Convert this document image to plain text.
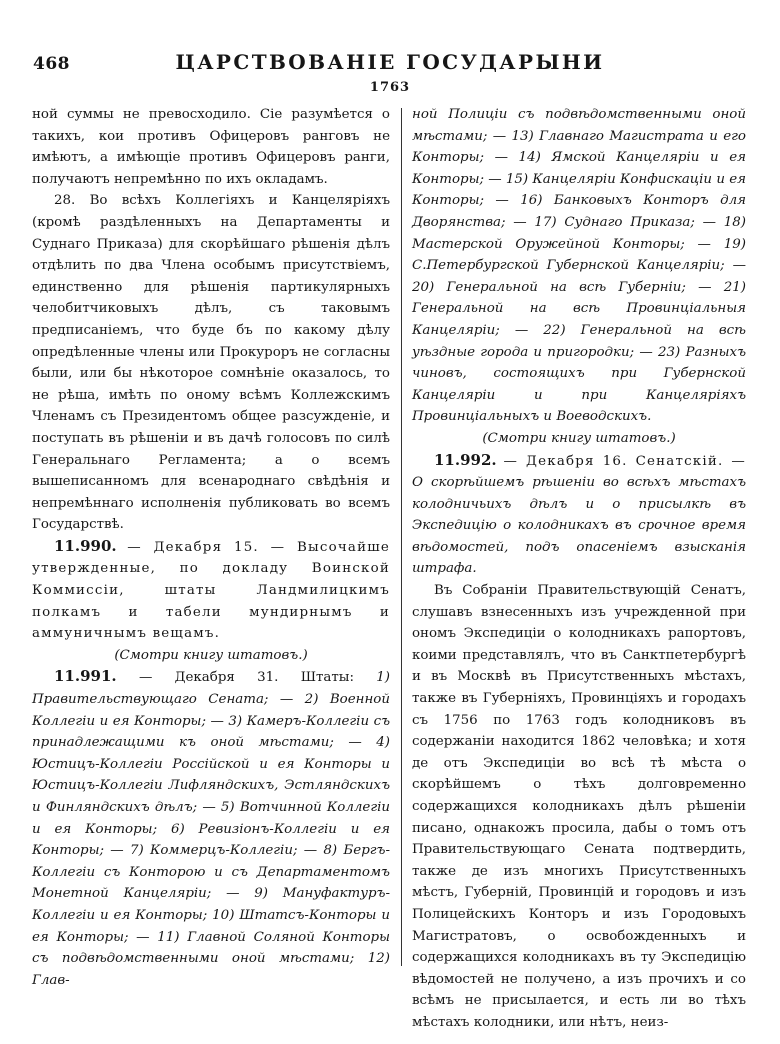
468	ЦАРСТВОВАНІЕ ГОСУДАРЫНИ
1763

ной суммы не превосходило. Сіе разумѣется о такихъ, кои противъ Офицеровъ ранговъ не имѣютъ, а имѣющіе противъ Офицеровъ ранги, получаютъ непремѣнно по ихъ окладамъ.

28. Во всѣхъ Коллегіяхъ и Канцеляріяхъ (кромѣ раздѣленныхъ на Департаменты и Суднаго Приказа) для скорѣйшаго рѣшенія дѣлъ отдѣлить по два Члена особымъ присутствіемъ, единственно для рѣшенія партикулярныхъ челобитчиковыхъ дѣлъ, съ таковымъ предписаніемъ, что буде бъ по какому дѣлу опредѣленные члены или Прокуроръ не согласны были, или бы нѣкоторое сомнѣніе оказалось, то не рѣша, имѣть по оному всѣмъ Коллежскимъ Членамъ съ Президентомъ общее разсужденіе, и поступать въ рѣшеніи и въ дачѣ голосовъ по силѣ Генеральнаго Регламента; а о всемъ вышеписанномъ для всенароднаго свѣдѣнія и непремѣннаго исполненія публиковать во всемъ Государствѣ.

11.990. — Декабря 15. — Высочайше утвержденные, по докладу Воинской Коммиссіи, штаты Ландмилицкимъ полкамъ и табели мундирнымъ и аммуничнымъ вещамъ.

(Смотри книгу штатовъ.)

11.991. — Декабря 31. Штаты: 1) Правительствующаго Сената; — 2) Военной Коллегіи и ея Конторы; — 3) Камеръ-Коллегіи съ принадлежащими къ оной мѣстами; — 4) Юстицъ-Коллегіи Россійской и ея Конторы и Юстицъ-Коллегіи Лифляндскихъ, Эстляндскихъ и Финляндскихъ дѣлъ; — 5) Вотчинной Коллегіи и ея Конторы; 6) Ревизіонъ-Коллегіи и ея Конторы; — 7) Коммерцъ-Коллегіи; — 8) Бергъ-Коллегіи съ Конторою и съ Департаментомъ Монетной Канцеляріи; — 9) Мануфактуръ-Коллегіи и ея Конторы; 10) Штатсъ-Конторы и ея Конторы; — 11) Главной Соляной Конторы съ подвѣдомственными оной мѣстами; 12) Глав-

ной Полиціи съ подвѣдомственными оной мѣстами; — 13) Главнаго Магистрата и его Конторы; — 14) Ямской Канцеляріи и ея Конторы; — 15) Канцеляріи Конфискаціи и ея Конторы; — 16) Банковыхъ Конторъ для Дворянства; — 17) Суднаго Приказа; — 18) Мастерской Оружейной Конторы; — 19) С.Петербургской Губернской Канцеляріи; — 20) Генеральной на всѣ Губерніи; — 21) Генеральной на всѣ Провинціальныя Канцеляріи; — 22) Генеральной на всѣ уѣздные города и пригородки; — 23) Разныхъ чиновъ, состоящихъ при Губернской Канцеляріи и при Канцеляріяхъ Провинціальныхъ и Воеводскихъ.

(Смотри книгу штатовъ.)

11.992. — Декабря 16. Сенатскій. — О скорѣйшемъ рѣшеніи во всѣхъ мѣстахъ колодничьихъ дѣлъ и о присылкѣ въ Экспедицію о колодникахъ въ срочное время вѣдомостей, подъ опасеніемъ взысканія штрафа.

Въ Собраніи Правительствующій Сенатъ, слушавъ взнесенныхъ изъ учрежденной при ономъ Экспедиціи о колодникахъ рапортовъ, коими представлялъ, что въ Санктпетербургѣ и въ Москвѣ въ Присутственныхъ мѣстахъ, также въ Губерніяхъ, Провинціяхъ и городахъ съ 1756 по 1763 годъ колодниковъ въ содержаніи находится 1862 человѣка; и хотя де отъ Экспедиціи во всѣ тѣ мѣста о скорѣйшемъ о тѣхъ долговременно содержащихся колодникахъ дѣлъ рѣшеніи писано, однакожъ просила, дабы о томъ отъ Правительствующаго Сената подтвердить, также де изъ многихъ Присутственныхъ мѣстъ, Губерній, Провинцій и городовъ и изъ Полицейскихъ Конторъ и изъ Городовыхъ Магистратовъ, о освобожденныхъ и содержащихся колодникахъ въ ту Экспедицію вѣдомостей не получено, а изъ прочихъ и со всѣмъ не присылается, и есть ли во тѣхъ мѣстахъ колодники, или нѣтъ, неиз-
